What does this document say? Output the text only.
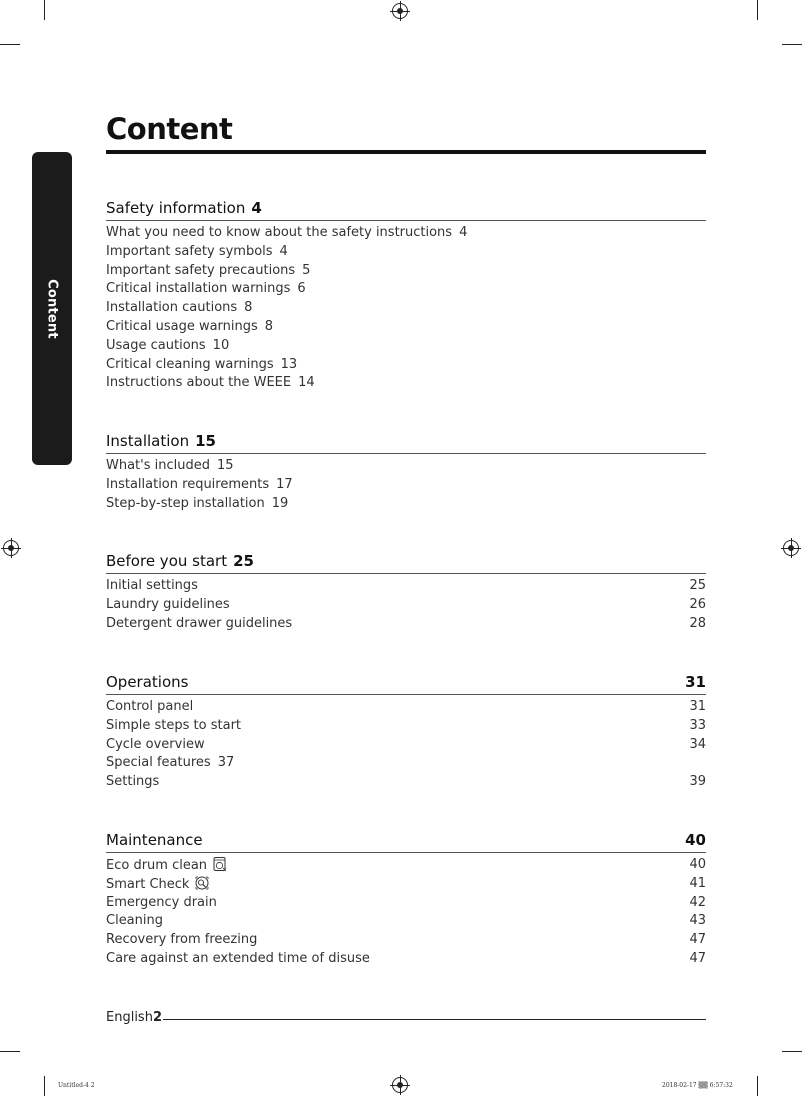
Content
Content
Safety information 4
What you need to know about the safety instructions 4
Important safety symbols 4
Important safety precautions 5
Critical installation warnings 6
Installation cautions 8
Critical usage warnings 8
Usage cautions 10
Critical cleaning warnings 13
Instructions about the WEEE 14
Installation 15
What's included 15
Installation requirements 17
Step-by-step installation 19
Before you start 25
Initial settings	25
Laundry guidelines	26
Detergent drawer guidelines	28
Operations	31
Control panel	31
Simple steps to start	33
Cycle overview	34
Special features 37
Settings	39
Maintenance	40
Eco drum clean	40
Smart Check	41
Emergency drain	42
Cleaning	43
Recovery from freezing	47
Care against an extended time of disuse	47
English2
Untitled-4 2	2018-02-17 ▒▒ 6:57:32
